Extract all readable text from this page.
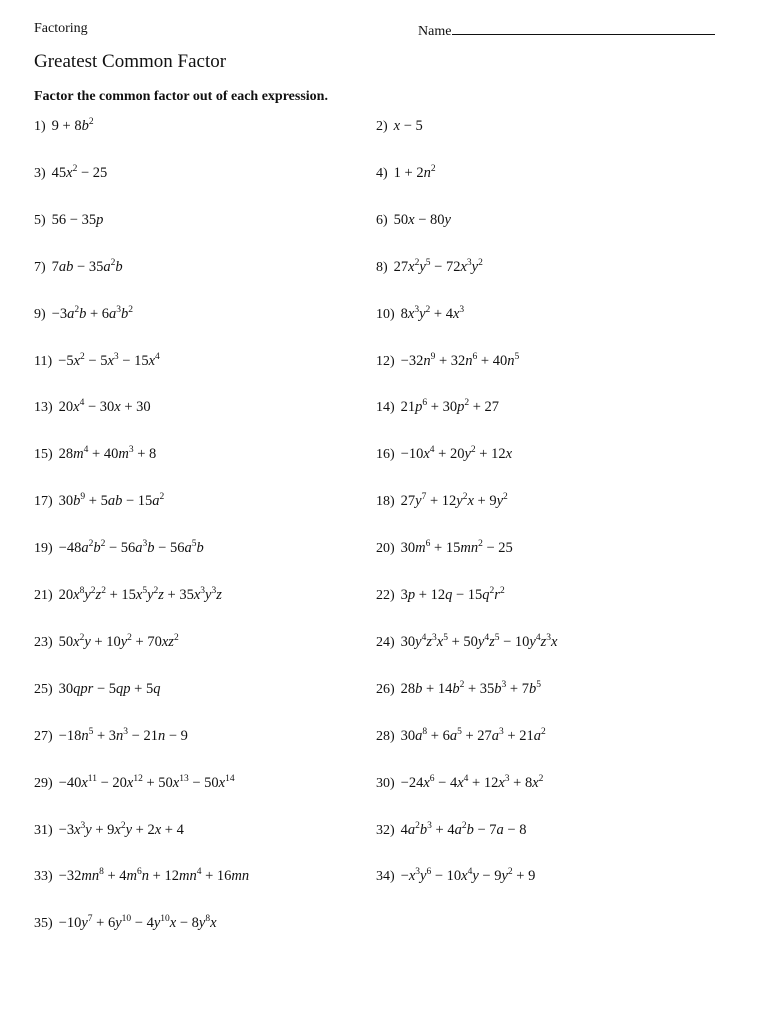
Factoring	Name
Greatest Common Factor
Factor the common factor out of each expression.
1) $9 + 8b^2$	2) x − 5
3) $45x^2 - 25$	4) $1 + 2n^2$
5) 56 − 35p	6) 50x − 80y
7) $7ab - 35a^2b$	8) $27x^2y^5 - 72x^3y^2$
$9) -3a^2b + 6a^3b^2$	10) $8x^3y^2 + 4x^3$
$11) -5x^2 - 5x^3 - 15x^4$	$12) -32n^9 + 32n^6 + 40n^5$
13) $20x^4 - 30x + 30$	14) $21p^6 + 30p^2 + 27$
15) $28m^4 + 40m^3 + 8$	$16) -10x^4 + 20y^2 + 12x$
17) $30b^9 + 5ab - 15a^2$	18) $27y^7 + 12y^2x + 9y^2$
$19) -48a^2b^2 - 56a^3b - 56a^5b$	20) $30m^6 + 15mn^2 - 25$
21) $20x^8y^2z^2 + 15x^5y^2z + 35x^3y^3z$	22) $3p + 12q - 15q^2r^2$
23) $50x^2y + 10y^2 + 70xz^2$	24) $30y^4z^3x^5 + 50y^4z^5 - 10y^4z^3x$
25) 30qpr − 5qp + 5q	26) $28b + 14b^2 + 35b^3 + 7b^5$
$27) -18n^5 + 3n^3 - 21n - 9$	28) $30a^8 + 6a^5 + 27a^3 + 21a^2$
$29) -40x^{11} - 20x^{12} + 50x^{13} - 50x^{14}$	$30) -24x^6 - 4x^4 + 12x^3 + 8x^2$
$31) -3x^3y + 9x^2y + 2x + 4$	32) $4a^2b^3 + 4a^2b - 7a - 8$
$33) -32mn^8 + 4m^6n + 12mn^4 + 16mn$	$34) -x^3y^6 - 10x^4y - 9y^2 + 9$
$35) -10y^7 + 6y^{10} - 4y^{10}x - 8y^8x$
